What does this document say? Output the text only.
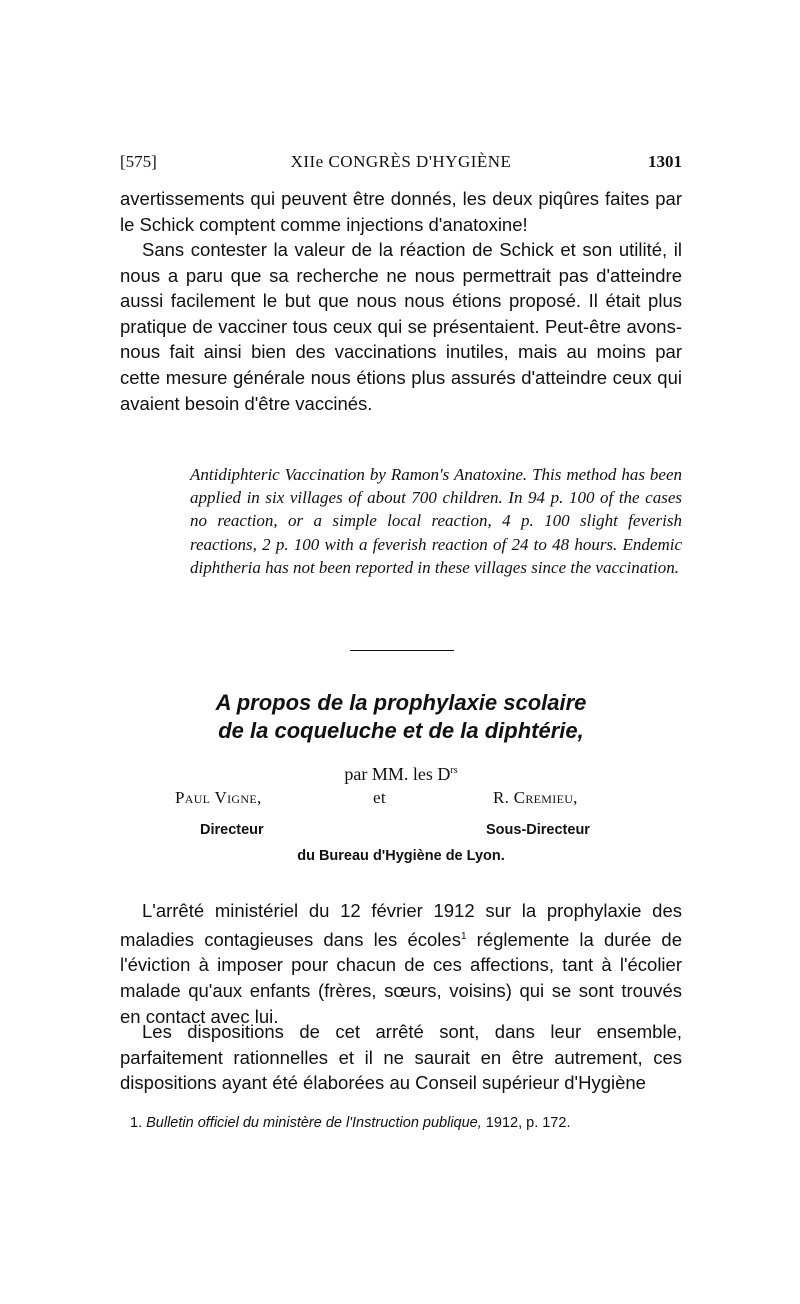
[575]	XIIe CONGRÈS D'HYGIÈNE	1301

avertissements qui peuvent être donnés, les deux piqûres faites par le Schick comptent comme injections d'anatoxine!

Sans contester la valeur de la réaction de Schick et son utilité, il nous a paru que sa recherche ne nous permettrait pas d'atteindre aussi facilement le but que nous nous étions proposé. Il était plus pratique de vacciner tous ceux qui se présentaient. Peut-être avons-nous fait ainsi bien des vaccinations inutiles, mais au moins par cette mesure générale nous étions plus assurés d'atteindre ceux qui avaient besoin d'être vaccinés.

Antidiphteric Vaccination by Ramon's Anatoxine. This method has been applied in six villages of about 700 children. In 94 p. 100 of the cases no reaction, or a simple local reaction, 4 p. 100 slight feverish reactions, 2 p. 100 with a feverish reaction of 24 to 48 hours. Endemic diphtheria has not been reported in these villages since the vaccination.

A propos de la prophylaxie scolaire

de la coqueluche et de la diphtérie,

par MM. les $D^{rs}$
Paul Vigne,	et	R. Cremieu,
Directeur	Sous-Directeur
du Bureau d'Hygiène de Lyon.

L'arrêté ministériel du 12 février 1912 sur la prophylaxie des maladies contagieuses dans les écoles$^1$ réglemente la durée de l'éviction à imposer pour chacun de ces affections, tant à l'écolier malade qu'aux enfants (frères, sœurs, voisins) qui se sont trouvés en contact avec lui.

Les dispositions de cet arrêté sont, dans leur ensemble, parfaitement rationnelles et il ne saurait en être autrement, ces dispositions ayant été élaborées au Conseil supérieur d'Hygiène

1. Bulletin officiel du ministère de l'Instruction publique, 1912, p. 172.
